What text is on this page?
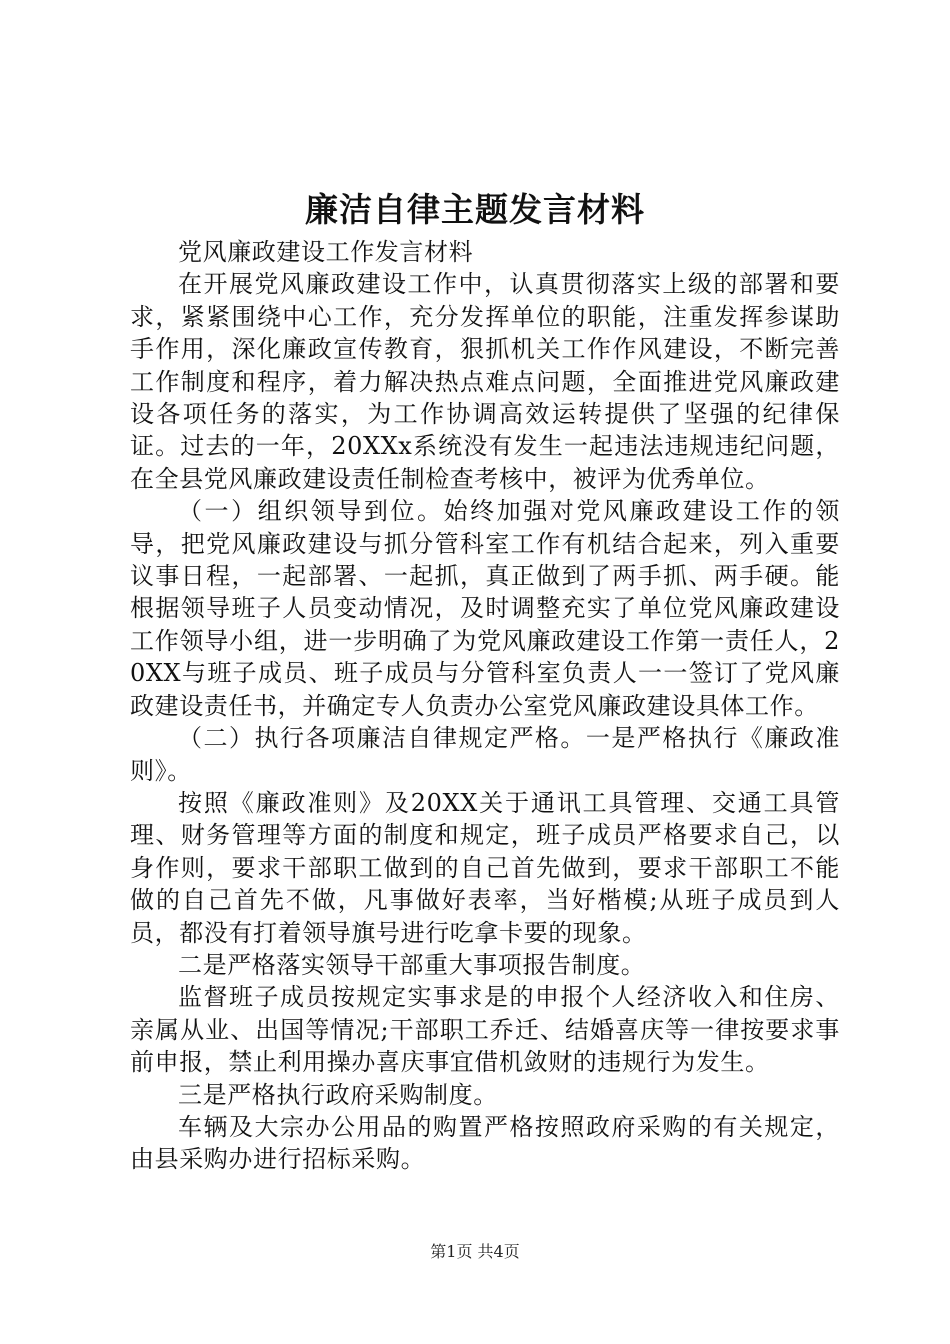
廉洁自律主题发言材料

党风廉政建设工作发言材料

在开展党风廉政建设工作中，认真贯彻落实上级的部署和要求，紧紧围绕中心工作，充分发挥单位的职能，注重发挥参谋助手作用，深化廉政宣传教育，狠抓机关工作作风建设，不断完善工作制度和程序，着力解决热点难点问题，全面推进党风廉政建设各项任务的落实，为工作协调高效运转提供了坚强的纪律保证。过去的一年，20XXx系统没有发生一起违法违规违纪问题，在全县党风廉政建设责任制检查考核中，被评为优秀单位。

（一）组织领导到位。始终加强对党风廉政建设工作的领导，把党风廉政建设与抓分管科室工作有机结合起来，列入重要议事日程，一起部署、一起抓，真正做到了两手抓、两手硬。能根据领导班子人员变动情况，及时调整充实了单位党风廉政建设工作领导小组，进一步明确了为党风廉政建设工作第一责任人，20XX与班子成员、班子成员与分管科室负责人一一签订了党风廉政建设责任书，并确定专人负责办公室党风廉政建设具体工作。

（二）执行各项廉洁自律规定严格。一是严格执行《廉政准则》。

按照《廉政准则》及20XX关于通讯工具管理、交通工具管理、财务管理等方面的制度和规定，班子成员严格要求自己，以身作则，要求干部职工做到的自己首先做到，要求干部职工不能做的自己首先不做，凡事做好表率，当好楷模;从班子成员到人员，都没有打着领导旗号进行吃拿卡要的现象。

二是严格落实领导干部重大事项报告制度。

监督班子成员按规定实事求是的申报个人经济收入和住房、亲属从业、出国等情况;干部职工乔迁、结婚喜庆等一律按要求事前申报，禁止利用操办喜庆事宜借机敛财的违规行为发生。

三是严格执行政府采购制度。

车辆及大宗办公用品的购置严格按照政府采购的有关规定，由县采购办进行招标采购。

第1页 共4页
